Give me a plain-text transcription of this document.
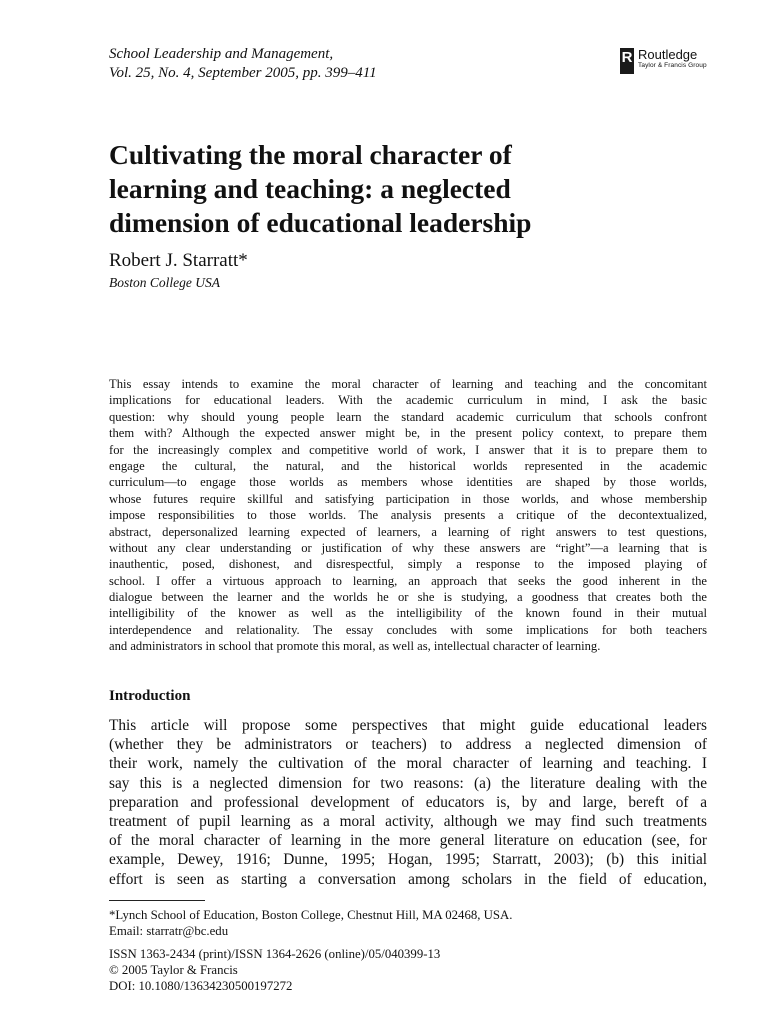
School Leadership and Management,
Vol. 25, No. 4, September 2005, pp. 399–411
R Routledge
Taylor & Francis Group
Cultivating the moral character of
learning and teaching: a neglected
dimension of educational leadership
Robert J. Starratt*
Boston College USA
This essay intends to examine the moral character of learning and teaching and the concomitant
implications for educational leaders. With the academic curriculum in mind, I ask the basic
question: why should young people learn the standard academic curriculum that schools confront
them with? Although the expected answer might be, in the present policy context, to prepare them
for the increasingly complex and competitive world of work, I answer that it is to prepare them to
engage the cultural, the natural, and the historical worlds represented in the academic
curriculum—to engage those worlds as members whose identities are shaped by those worlds,
whose futures require skillful and satisfying participation in those worlds, and whose membership
impose responsibilities to those worlds. The analysis presents a critique of the decontextualized,
abstract, depersonalized learning expected of learners, a learning of right answers to test questions,
without any clear understanding or justification of why these answers are “right”—a learning that is
inauthentic, posed, dishonest, and disrespectful, simply a response to the imposed playing of
school. I offer a virtuous approach to learning, an approach that seeks the good inherent in the
dialogue between the learner and the worlds he or she is studying, a goodness that creates both the
intelligibility of the knower as well as the intelligibility of the known found in their mutual
interdependence and relationality. The essay concludes with some implications for both teachers
and administrators in school that promote this moral, as well as, intellectual character of learning.
Introduction
This article will propose some perspectives that might guide educational leaders
(whether they be administrators or teachers) to address a neglected dimension of
their work, namely the cultivation of the moral character of learning and teaching. I
say this is a neglected dimension for two reasons: (a) the literature dealing with the
preparation and professional development of educators is, by and large, bereft of a
treatment of pupil learning as a moral activity, although we may find such treatments
of the moral character of learning in the more general literature on education (see, for
example, Dewey, 1916; Dunne, 1995; Hogan, 1995; Starratt, 2003); (b) this initial
effort is seen as starting a conversation among scholars in the field of education,
*Lynch School of Education, Boston College, Chestnut Hill, MA 02468, USA.
Email: starratr@bc.edu
ISSN 1363-2434 (print)/ISSN 1364-2626 (online)/05/040399-13
© 2005 Taylor & Francis
DOI: 10.1080/13634230500197272
